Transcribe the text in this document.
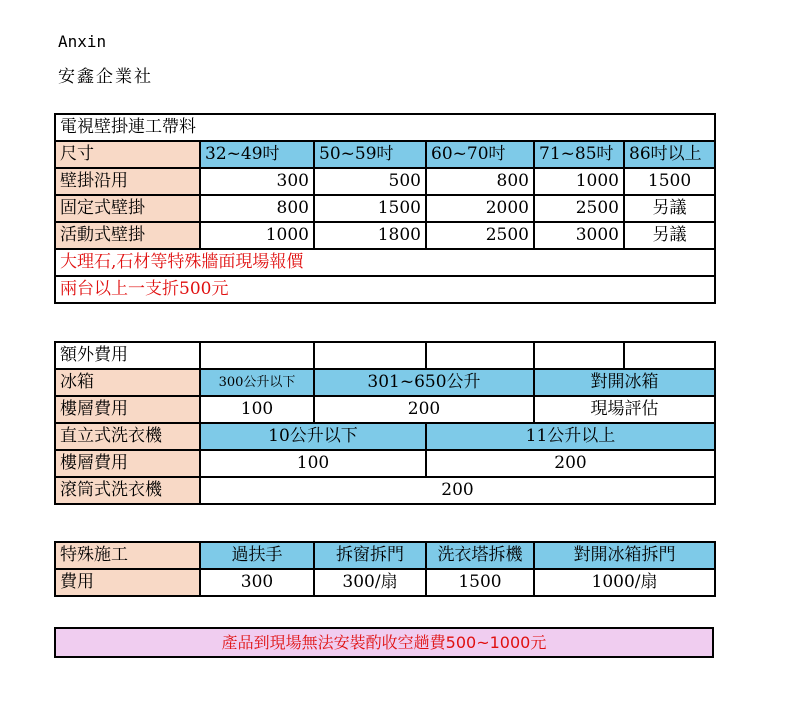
Anxin
安鑫企業社
電視壁掛連工帶料					
尺寸	32~49吋	50~59吋	60~70吋	71~85吋	86吋以上
壁掛沿用	300	500	800	1000	1500
固定式壁掛	800	1500	2000	2500	另議
活動式壁掛	1000	1800	2500	3000	另議
大理石,石材等特殊牆面現場報價					
兩台以上一支折500元					
額外費用					
冰箱	300公升以下	301~650公升		對開冰箱	
樓層費用	100	200		現場評估	
直立式洗衣機	10公升以下		11公升以上		
樓層費用	100		200		
滾筒式洗衣機	200				
特殊施工	過扶手	拆窗拆門	洗衣塔拆機	對開冰箱拆門
費用	300	300/扇	1500	1000/扇
產品到現場無法安裝酌收空趟費500~1000元
